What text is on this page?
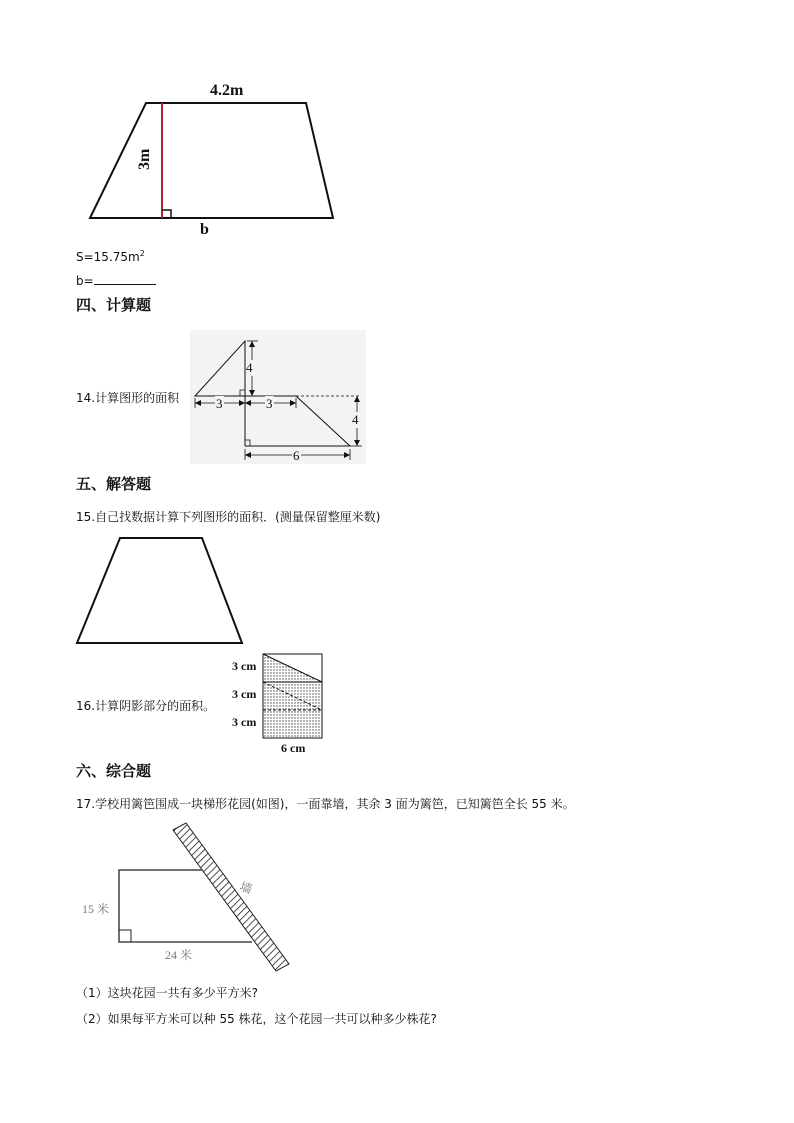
4.2m
3m
b
$S=15.75m^2$
b=
四、计算题
14.计算图形的面积
4
3	3
4
6
五、解答题
15.自己找数据计算下列图形的面积．(测量保留整厘米数)
16.计算阴影部分的面积。
3 cm
3 cm
3 cm
6 cm
六、综合题
17.学校用篱笆围成一块梯形花园(如图)，一面靠墙，其余 3 面为篱笆，已知篱笆全长 55 米。
15 米
24 米
墙
（1）这块花园一共有多少平方米?
（2）如果每平方米可以种 55 株花，这个花园一共可以种多少株花?
